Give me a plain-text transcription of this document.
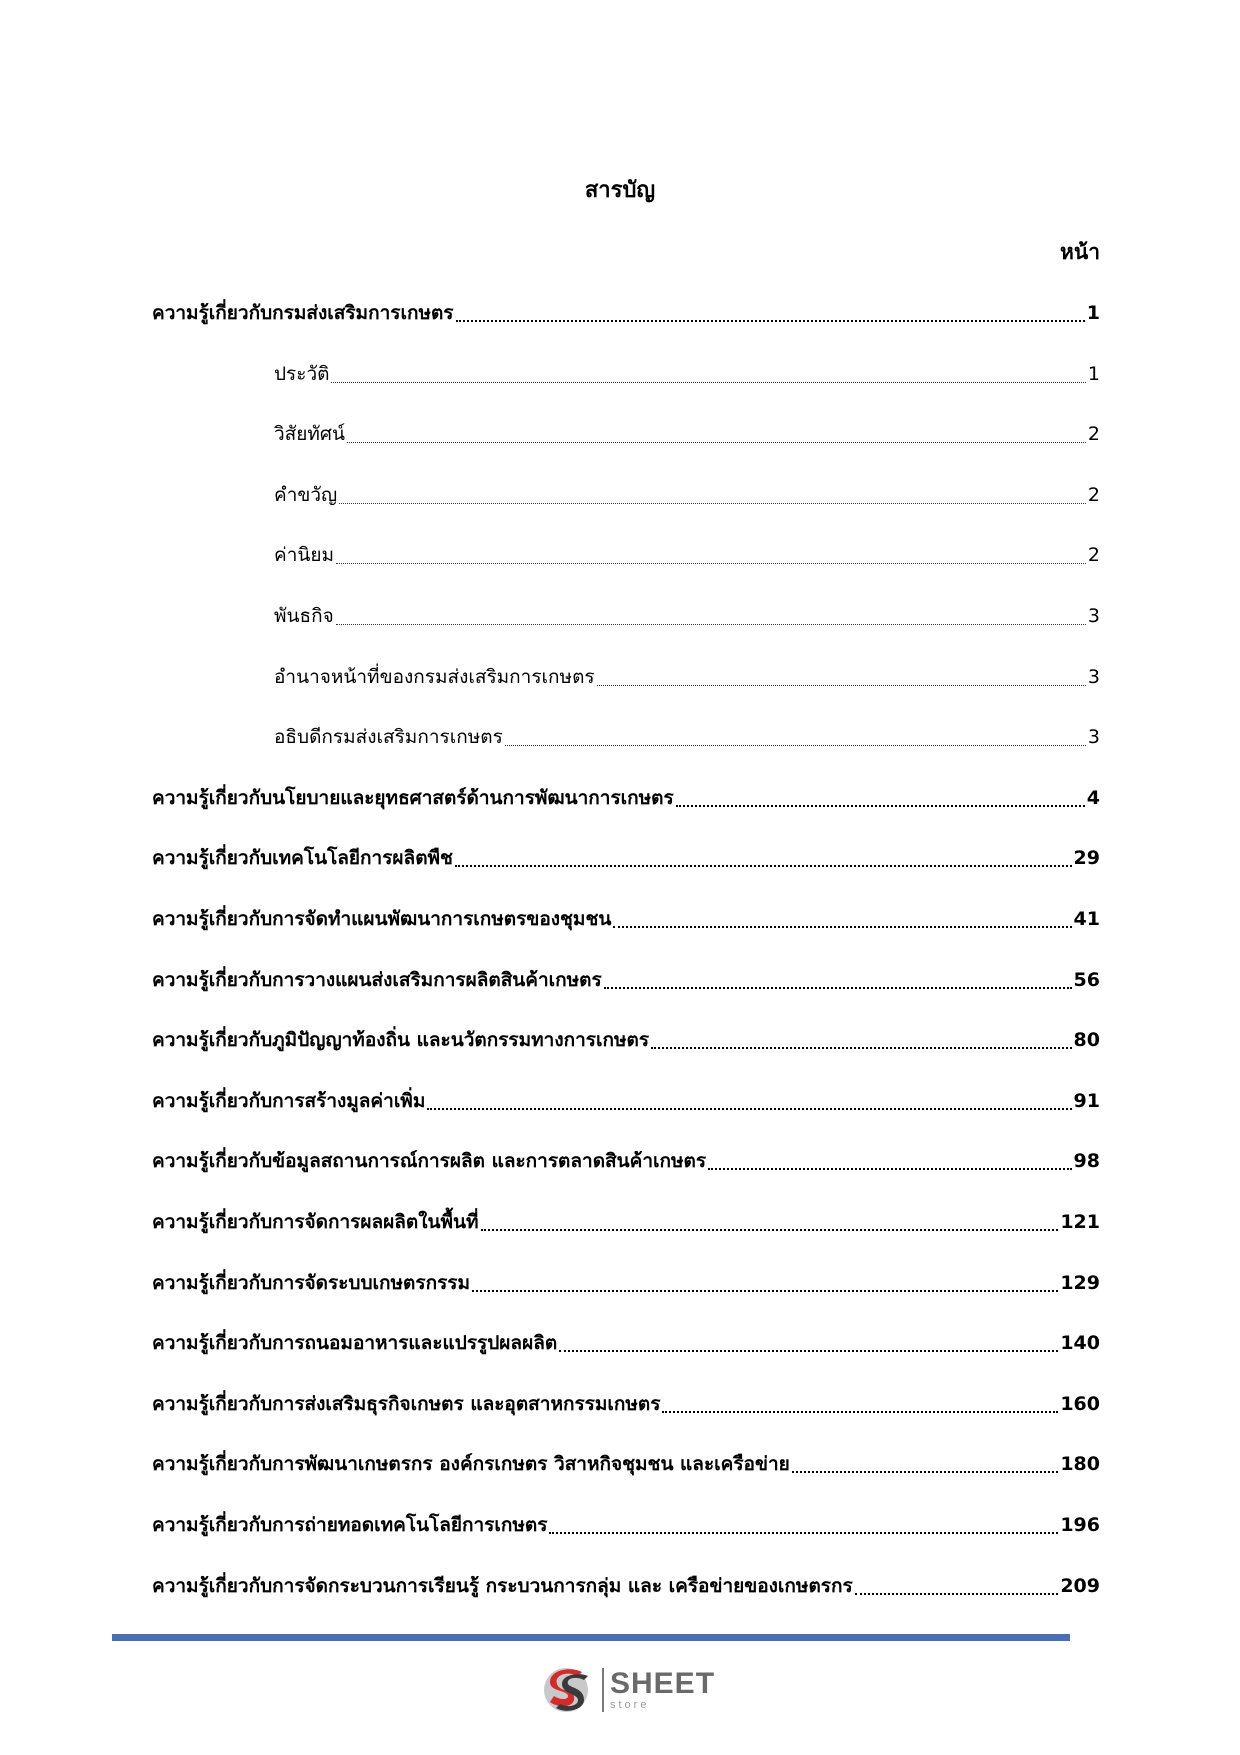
สารบัญ
หน้า
ความรู้เกี่ยวกับกรมส่งเสริมการเกษตร	1
ประวัติ	1
วิสัยทัศน์	2
คำขวัญ	2
ค่านิยม	2
พันธกิจ	3
อำนาจหน้าที่ของกรมส่งเสริมการเกษตร	3
อธิบดีกรมส่งเสริมการเกษตร	3
ความรู้เกี่ยวกับนโยบายและยุทธศาสตร์ด้านการพัฒนาการเกษตร	4
ความรู้เกี่ยวกับเทคโนโลยีการผลิตพืช	29
ความรู้เกี่ยวกับการจัดทำแผนพัฒนาการเกษตรของชุมชน	41
ความรู้เกี่ยวกับการวางแผนส่งเสริมการผลิตสินค้าเกษตร	56
ความรู้เกี่ยวกับภูมิปัญญาท้องถิ่น และนวัตกรรมทางการเกษตร	80
ความรู้เกี่ยวกับการสร้างมูลค่าเพิ่ม	91
ความรู้เกี่ยวกับข้อมูลสถานการณ์การผลิต และการตลาดสินค้าเกษตร	98
ความรู้เกี่ยวกับการจัดการผลผลิตในพื้นที่	121
ความรู้เกี่ยวกับการจัดระบบเกษตรกรรม	129
ความรู้เกี่ยวกับการถนอมอาหารและแปรรูปผลผลิต	140
ความรู้เกี่ยวกับการส่งเสริมธุรกิจเกษตร และอุตสาหกรรมเกษตร	160
ความรู้เกี่ยวกับการพัฒนาเกษตรกร องค์กรเกษตร วิสาหกิจชุมชน และเครือข่าย	180
ความรู้เกี่ยวกับการถ่ายทอดเทคโนโลยีการเกษตร	196
ความรู้เกี่ยวกับการจัดกระบวนการเรียนรู้ กระบวนการกลุ่ม และ เครือข่ายของเกษตรกร	209
SHEET
store
